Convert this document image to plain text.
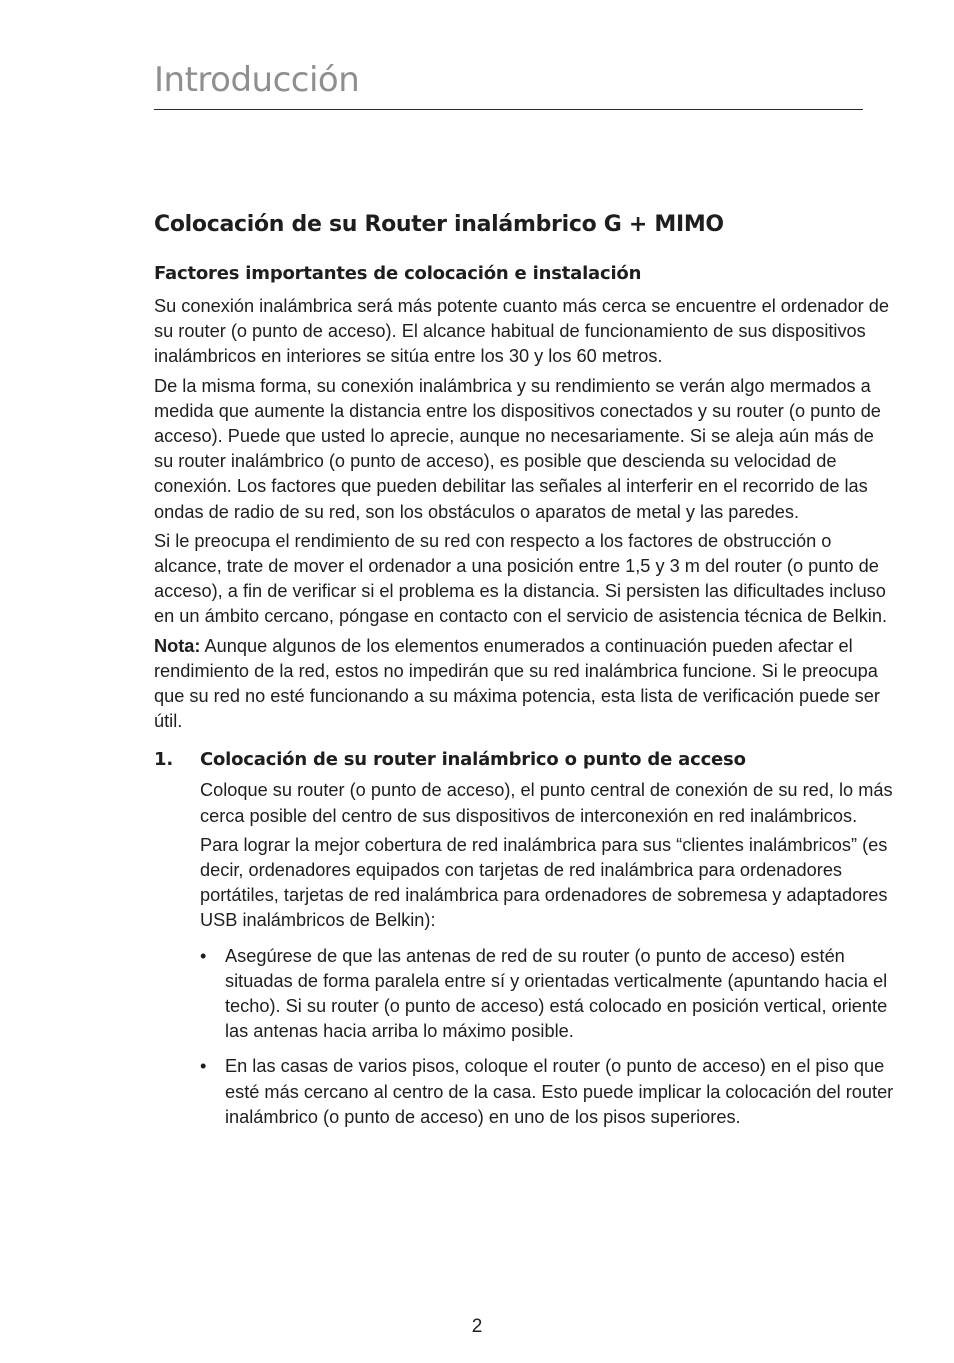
Introducción
Colocación de su Router inalámbrico G + MIMO
Factores importantes de colocación e instalación

Su conexión inalámbrica será más potente cuanto más cerca se encuentre el ordenador de su router (o punto de acceso). El alcance habitual de funcionamiento de sus dispositivos inalámbricos en interiores se sitúa entre los 30 y los 60 metros.

De la misma forma, su conexión inalámbrica y su rendimiento se verán algo mermados a medida que aumente la distancia entre los dispositivos conectados y su router (o punto de acceso). Puede que usted lo aprecie, aunque no necesariamente. Si se aleja aún más de su router inalámbrico (o punto de acceso), es posible que descienda su velocidad de conexión. Los factores que pueden debilitar las señales al interferir en el recorrido de las ondas de radio de su red, son los obstáculos o aparatos de metal y las paredes.

Si le preocupa el rendimiento de su red con respecto a los factores de obstrucción o alcance, trate de mover el ordenador a una posición entre 1,5 y 3 m del router (o punto de acceso), a fin de verificar si el problema es la distancia. Si persisten las dificultades incluso en un ámbito cercano, póngase en contacto con el servicio de asistencia técnica de Belkin.

Nota: Aunque algunos de los elementos enumerados a continuación pueden afectar el rendimiento de la red, estos no impedirán que su red inalámbrica funcione. Si le preocupa que su red no esté funcionando a su máxima potencia, esta lista de verificación puede ser útil.

1.	Colocación de su router inalámbrico o punto de acceso

Coloque su router (o punto de acceso), el punto central de conexión de su red, lo más cerca posible del centro de sus dispositivos de interconexión en red inalámbricos.

Para lograr la mejor cobertura de red inalámbrica para sus “clientes inalámbricos” (es decir, ordenadores equipados con tarjetas de red inalámbrica para ordenadores portátiles, tarjetas de red inalámbrica para ordenadores de sobremesa y adaptadores USB inalámbricos de Belkin):

•	Asegúrese de que las antenas de red de su router (o punto de acceso) estén situadas de forma paralela entre sí y orientadas verticalmente (apuntando hacia el techo). Si su router (o punto de acceso) está colocado en posición vertical, oriente las antenas hacia arriba lo máximo posible.
•	En las casas de varios pisos, coloque el router (o punto de acceso) en el piso que esté más cercano al centro de la casa. Esto puede implicar la colocación del router inalámbrico (o punto de acceso) en uno de los pisos superiores.
2
